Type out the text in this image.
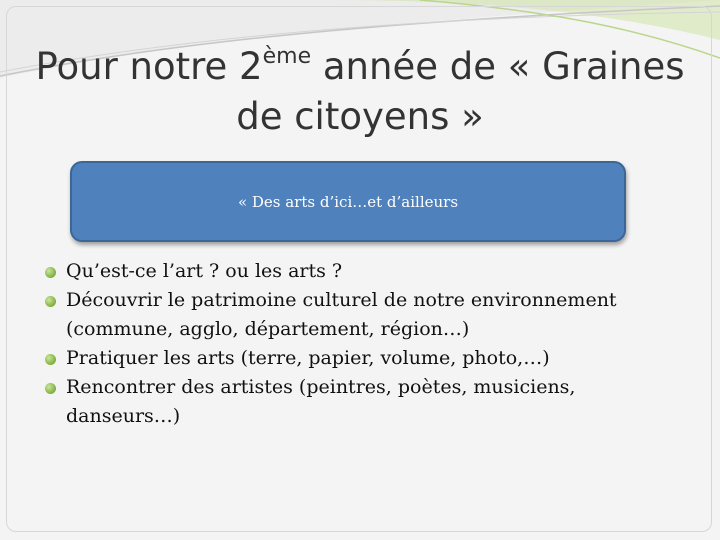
Pour notre 2ème année de « Graines de citoyens »
« Des arts d’ici…et d’ailleurs
Qu’est-ce l’art ? ou les arts ?
Découvrir le patrimoine culturel de notre environnement (commune, agglo, département, région…)
Pratiquer les arts (terre, papier, volume, photo,…)
Rencontrer des artistes (peintres, poètes, musiciens, danseurs…)
